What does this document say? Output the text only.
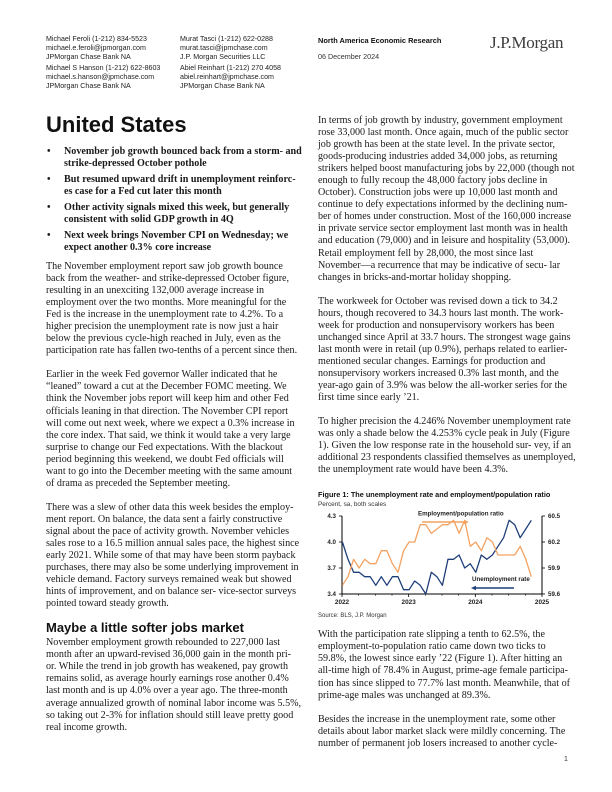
Michael Feroli (1-212) 834-5523
michael.e.feroli@jpmorgan.com
JPMorgan Chase Bank NA
Murat Tasci (1-212) 622-0288
murat.tasci@jpmchase.com
J.P. Morgan Securities LLC
Michael S Hanson (1-212) 622-8603
michael.s.hanson@jpmchase.com
JPMorgan Chase Bank NA
Abiel Reinhart (1-212) 270 4058
abiel.reinhart@jpmchase.com
JPMorgan Chase Bank NA
North America Economic Research
06 December 2024
J.P.Morgan
United States
• November job growth bounced back from a storm- and strike-depressed October pothole
• But resumed upward drift in unemployment reinforc- es case for a Fed cut later this month
• Other activity signals mixed this week, but generally consistent with solid GDP growth in 4Q
• Next week brings November CPI on Wednesday; we expect another 0.3% core increase

The November employment report saw job growth bounce back from the weather- and strike-depressed October figure, resulting in an unexciting 132,000 average increase in employment over the two months. More meaningful for the Fed is the increase in the unemployment rate to 4.2%. To a higher precision the unemployment rate is now just a hair below the previous cycle-high reached in July, even as the participation rate has fallen two-tenths of a percent since then.

Earlier in the week Fed governor Waller indicated that he “leaned” toward a cut at the December FOMC meeting. We think the November jobs report will keep him and other Fed officials leaning in that direction. The November CPI report will come out next week, where we expect a 0.3% increase in the core index. That said, we think it would take a very large surprise to change our Fed expectations. With the blackout period beginning this weekend, we doubt Fed officials will want to go into the December meeting with the same amount of drama as preceded the September meeting.

There was a slew of other data this week besides the employ- ment report. On balance, the data sent a fairly constructive signal about the pace of activity growth. November vehicles sales rose to a 16.5 million annual sales pace, the highest since early 2021. While some of that may have been storm payback purchases, there may also be some underlying improvement in vehicle demand. Factory surveys remained weak but showed hints of improvement, and on balance ser- vice-sector surveys pointed toward steady growth.

Maybe a little softer jobs market

November employment growth rebounded to 227,000 last month after an upward-revised 36,000 gain in the month pri- or. While the trend in job growth has weakened, pay growth remains solid, as average hourly earnings rose another 0.4% last month and is up 4.0% over a year ago. The three-month average annualized growth of nominal labor income was 5.5%, so taking out 2-3% for inflation should still leave pretty good real income growth.

In terms of job growth by industry, government employment rose 33,000 last month. Once again, much of the public sector job growth has been at the state level. In the private sector, goods-producing industries added 34,000 jobs, as returning strikers helped boost manufacturing jobs by 22,000 (though not enough to fully recoup the 48,000 factory jobs decline in October). Construction jobs were up 10,000 last month and continue to defy expectations informed by the declining num- ber of homes under construction. Most of the 160,000 increase in private service sector employment last month was in health and education (79,000) and in leisure and hospitality (53,000). Retail employment fell by 28,000, the most since last November—a recurrence that may be indicative of secu- lar changes in bricks-and-mortar holiday shopping.

The workweek for October was revised down a tick to 34.2 hours, though recovered to 34.3 hours last month. The work- week for production and nonsupervisory workers has been unchanged since April at 33.7 hours. The strongest wage gains last month were in retail (up 0.9%), perhaps related to earlier-mentioned secular changes. Earnings for production and nonsupervisory workers increased 0.3% last month, and the year-ago gain of 3.9% was below the all-worker series for the first time since early ’21.

To higher precision the 4.246% November unemployment rate was only a shade below the 4.253% cycle peak in July (Figure 1). Given the low response rate in the household sur- vey, if an additional 23 respondents classified themselves as unemployed, the unemployment rate would have been 4.3%.

Figure 1: The unemployment rate and employment/population ratio
Percent, sa, both scales
3.4
3.7
4.0
4.3
59.6
59.9
60.2
60.5
2022	2023	2024	2025
Employment/population ratio
Unemployment rate
Source: BLS, J.P. Morgan

With the participation rate slipping a tenth to 62.5%, the employment-to-population ratio came down two ticks to 59.8%, the lowest since early ’22 (Figure 1). After hitting an all-time high of 78.4% in August, prime-age female participa- tion has since slipped to 77.7% last month. Meanwhile, that of prime-age males was unchanged at 89.3%.

Besides the increase in the unemployment rate, some other details about labor market slack were mildly concerning. The number of permanent job losers increased to another cycle-

1
